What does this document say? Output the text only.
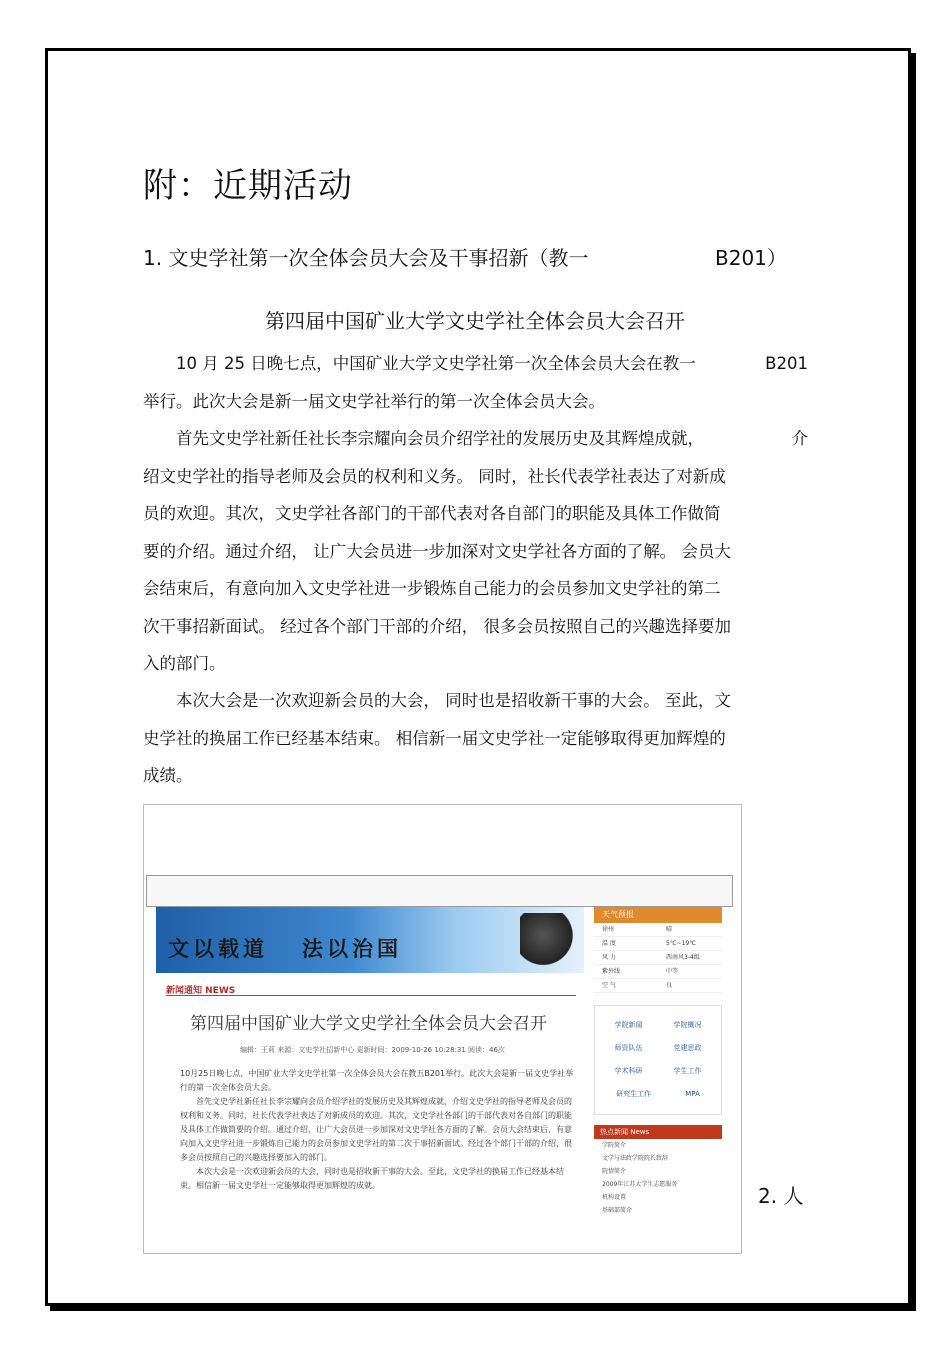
附：近期活动
1. 文史学社第一次全体会员大会及干事招新（教一	B201）
第四届中国矿业大学文史学社全体会员大会召开
10 月 25 日晚七点，中国矿业大学文史学社第一次全体会员大会在教一	B201
举行。此次大会是新一届文史学社举行的第一次全体会员大会。
首先文史学社新任社长李宗耀向会员介绍学社的发展历史及其辉煌成就，	介
绍文史学社的指导老师及会员的权利和义务。 同时，社长代表学社表达了对新成
员的欢迎。其次，文史学社各部门的干部代表对各自部门的职能及具体工作做简
要的介绍。通过介绍， 让广大会员进一步加深对文史学社各方面的了解。 会员大
会结束后，有意向加入文史学社进一步锻炼自己能力的会员参加文史学社的第二
次干事招新面试。 经过各个部门干部的介绍， 很多会员按照自己的兴趣选择要加
入的部门。
本次大会是一次欢迎新会员的大会， 同时也是招收新干事的大会。 至此，文
史学社的换届工作已经基本结束。 相信新一届文史学社一定能够取得更加辉煌的
成绩。
文以载道 法以治国
新闻通知 NEWS
第四届中国矿业大学文史学社全体会员大会召开
编辑：王莉 来源：文史学社招新中心 更新时间：2009-10-26 10:28:31 阅读：46次

10月25日晚七点，中国矿业大学文史学社第一次全体会员大会在教五B201举行。此次大会是新一届文史学社举行的第一次全体会员大会。

首先文史学社新任社长李宗耀向会员介绍学社的发展历史及其辉煌成就，介绍文史学社的指导老师及会员的权利和义务。同时，社长代表学社表达了对新成员的欢迎。其次，文史学社各部门的干部代表对各自部门的职能及具体工作做简要的介绍。通过介绍，让广大会员进一步加深对文史学社各方面的了解。会员大会结束后，有意向加入文史学社进一步锻炼自己能力的会员参加文史学社的第二次干事招新面试。经过各个部门干部的介绍，很多会员按照自己的兴趣选择要加入的部门。

本次大会是一次欢迎新会员的大会，同时也是招收新干事的大会。至此，文史学社的换届工作已经基本结束。相信新一届文史学社一定能够取得更加辉煌的成就。

天气预报
徐州	晴
温 度	5℃~19℃
风 力	西南风3-4级
紫外线	中等
空 气	良
学院新闻	学院概况
师资队伍	党建思政
学术科研	学生工作
研究生工作	MPA
热点新闻 News
学院简介
文学与法政学院院长致辞
院情简介
2009年江苏大学生志愿服务
机构设置
基础部简介
2. 人
